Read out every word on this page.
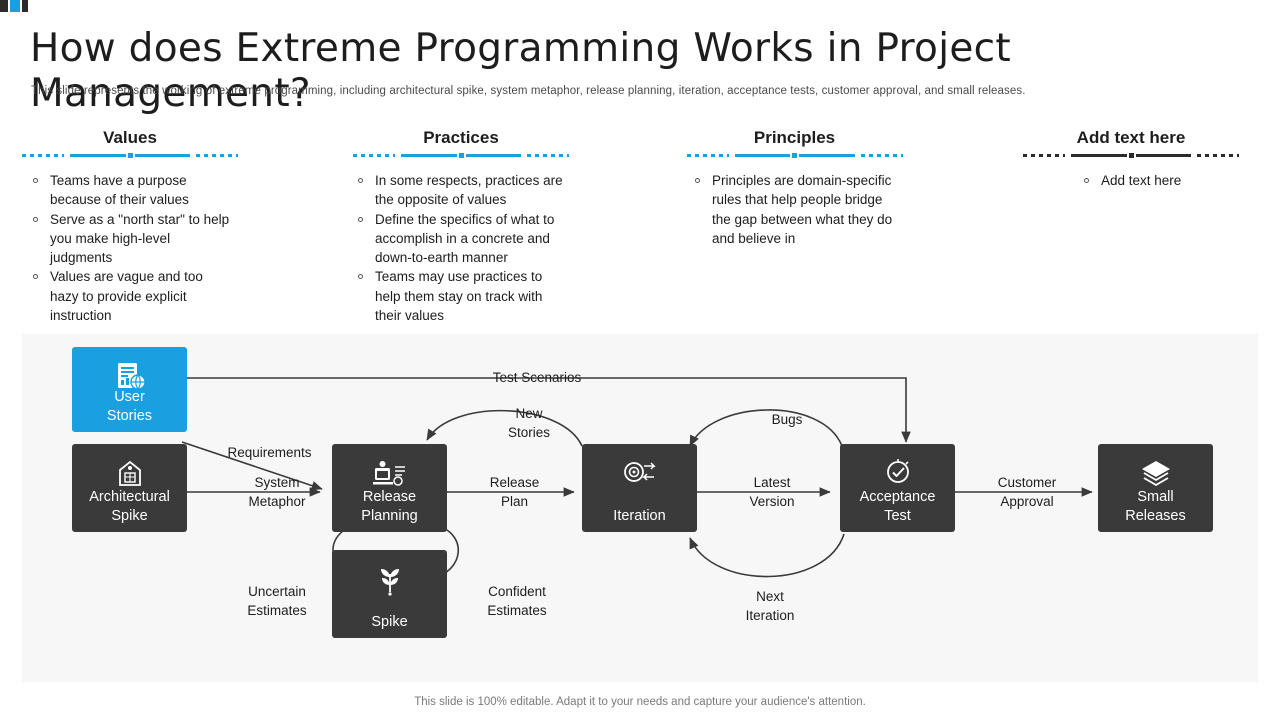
How does Extreme Programming Works in Project Management?
This slide represents the working of extreme programming, including architectural spike, system metaphor, release planning, iteration, acceptance tests, customer approval, and small releases.
Values
Teams have a purpose because of their values
Serve as a "north star" to help you make high-level judgments
Values are vague and too hazy to provide explicit instruction
Practices
In some respects, practices are the opposite of values
Define the specifics of what to accomplish in a concrete and down-to-earth manner
Teams may use practices to help them stay on track with their values
Principles
Principles are domain-specific rules that help people bridge the gap between what they do and believe in
Add text here
Add text here
User
Stories
Architectural
Spike
Release
Planning
Spike
Iteration
Acceptance
Test
Small
Releases
Test Scenarios
Requirements
System
Metaphor
New
Stories
Release
Plan
Bugs
Latest
Version
Customer
Approval
Uncertain
Estimates
Confident
Estimates
Next
Iteration
This slide is 100% editable. Adapt it to your needs and capture your audience's attention.
